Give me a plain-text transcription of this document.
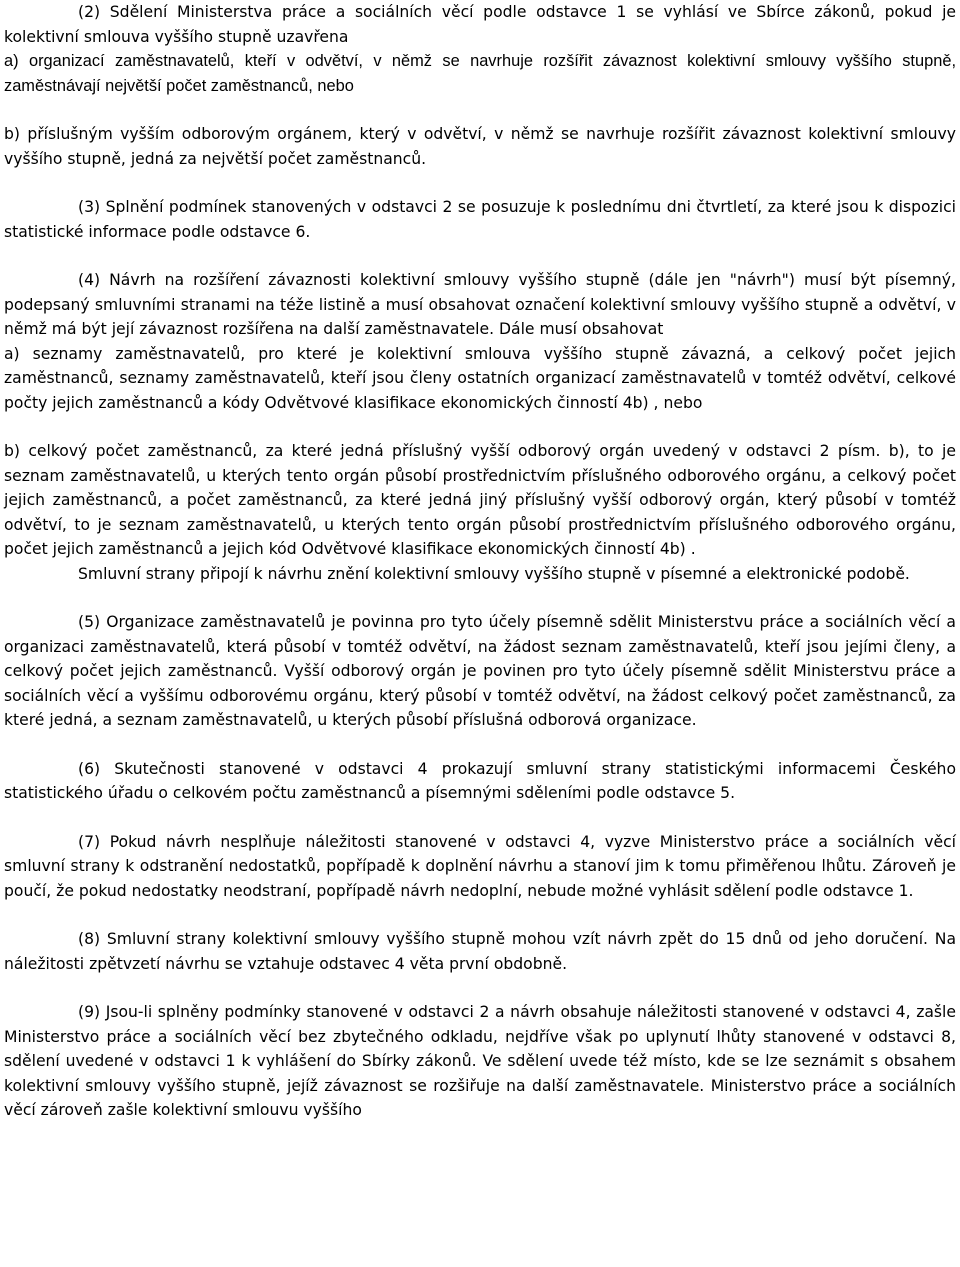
(2) Sdělení Ministerstva práce a sociálních věcí podle odstavce 1 se vyhlásí ve Sbírce zákonů, pokud je kolektivní smlouva vyššího stupně uzavřena

a) organizací zaměstnavatelů, kteří v odvětví, v němž se navrhuje rozšířit závaznost kolektivní smlouvy vyššího stupně, zaměstnávají největší počet zaměstnanců, nebo

b) příslušným vyšším odborovým orgánem, který v odvětví, v němž se navrhuje rozšířit závaznost kolektivní smlouvy vyššího stupně, jedná za největší počet zaměstnanců.

(3) Splnění podmínek stanovených v odstavci 2 se posuzuje k poslednímu dni čtvrtletí, za které jsou k dispozici statistické informace podle odstavce 6.

(4) Návrh na rozšíření závaznosti kolektivní smlouvy vyššího stupně (dále jen "návrh") musí být písemný, podepsaný smluvními stranami na téže listině a musí obsahovat označení kolektivní smlouvy vyššího stupně a odvětví, v němž má být její závaznost rozšířena na další zaměstnavatele. Dále musí obsahovat

a) seznamy zaměstnavatelů, pro které je kolektivní smlouva vyššího stupně závazná, a celkový počet jejich zaměstnanců, seznamy zaměstnavatelů, kteří jsou členy ostatních organizací zaměstnavatelů v tomtéž odvětví, celkové počty jejich zaměstnanců a kódy Odvětvové klasifikace ekonomických činností 4b) , nebo

b) celkový počet zaměstnanců, za které jedná příslušný vyšší odborový orgán uvedený v odstavci 2 písm. b), to je seznam zaměstnavatelů, u kterých tento orgán působí prostřednictvím příslušného odborového orgánu, a celkový počet jejich zaměstnanců, a počet zaměstnanců, za které jedná jiný příslušný vyšší odborový orgán, který působí v tomtéž odvětví, to je seznam zaměstnavatelů, u kterých tento orgán působí prostřednictvím příslušného odborového orgánu, počet jejich zaměstnanců a jejich kód Odvětvové klasifikace ekonomických činností 4b) .

Smluvní strany připojí k návrhu znění kolektivní smlouvy vyššího stupně v písemné a elektronické podobě.

(5) Organizace zaměstnavatelů je povinna pro tyto účely písemně sdělit Ministerstvu práce a sociálních věcí a organizaci zaměstnavatelů, která působí v tomtéž odvětví, na žádost seznam zaměstnavatelů, kteří jsou jejími členy, a celkový počet jejich zaměstnanců. Vyšší odborový orgán je povinen pro tyto účely písemně sdělit Ministerstvu práce a sociálních věcí a vyššímu odborovému orgánu, který působí v tomtéž odvětví, na žádost celkový počet zaměstnanců, za které jedná, a seznam zaměstnavatelů, u kterých působí příslušná odborová organizace.

(6) Skutečnosti stanovené v odstavci 4 prokazují smluvní strany statistickými informacemi Českého statistického úřadu o celkovém počtu zaměstnanců a písemnými sděleními podle odstavce 5.

(7) Pokud návrh nesplňuje náležitosti stanovené v odstavci 4, vyzve Ministerstvo práce a sociálních věcí smluvní strany k odstranění nedostatků, popřípadě k doplnění návrhu a stanoví jim k tomu přiměřenou lhůtu. Zároveň je poučí, že pokud nedostatky neodstraní, popřípadě návrh nedoplní, nebude možné vyhlásit sdělení podle odstavce 1.

(8) Smluvní strany kolektivní smlouvy vyššího stupně mohou vzít návrh zpět do 15 dnů od jeho doručení. Na náležitosti zpětvzetí návrhu se vztahuje odstavec 4 věta první obdobně.

(9) Jsou-li splněny podmínky stanovené v odstavci 2 a návrh obsahuje náležitosti stanovené v odstavci 4, zašle Ministerstvo práce a sociálních věcí bez zbytečného odkladu, nejdříve však po uplynutí lhůty stanovené v odstavci 8, sdělení uvedené v odstavci 1 k vyhlášení do Sbírky zákonů. Ve sdělení uvede též místo, kde se lze seznámit s obsahem kolektivní smlouvy vyššího stupně, jejíž závaznost se rozšiřuje na další zaměstnavatele. Ministerstvo práce a sociálních věcí zároveň zašle kolektivní smlouvu vyššího
